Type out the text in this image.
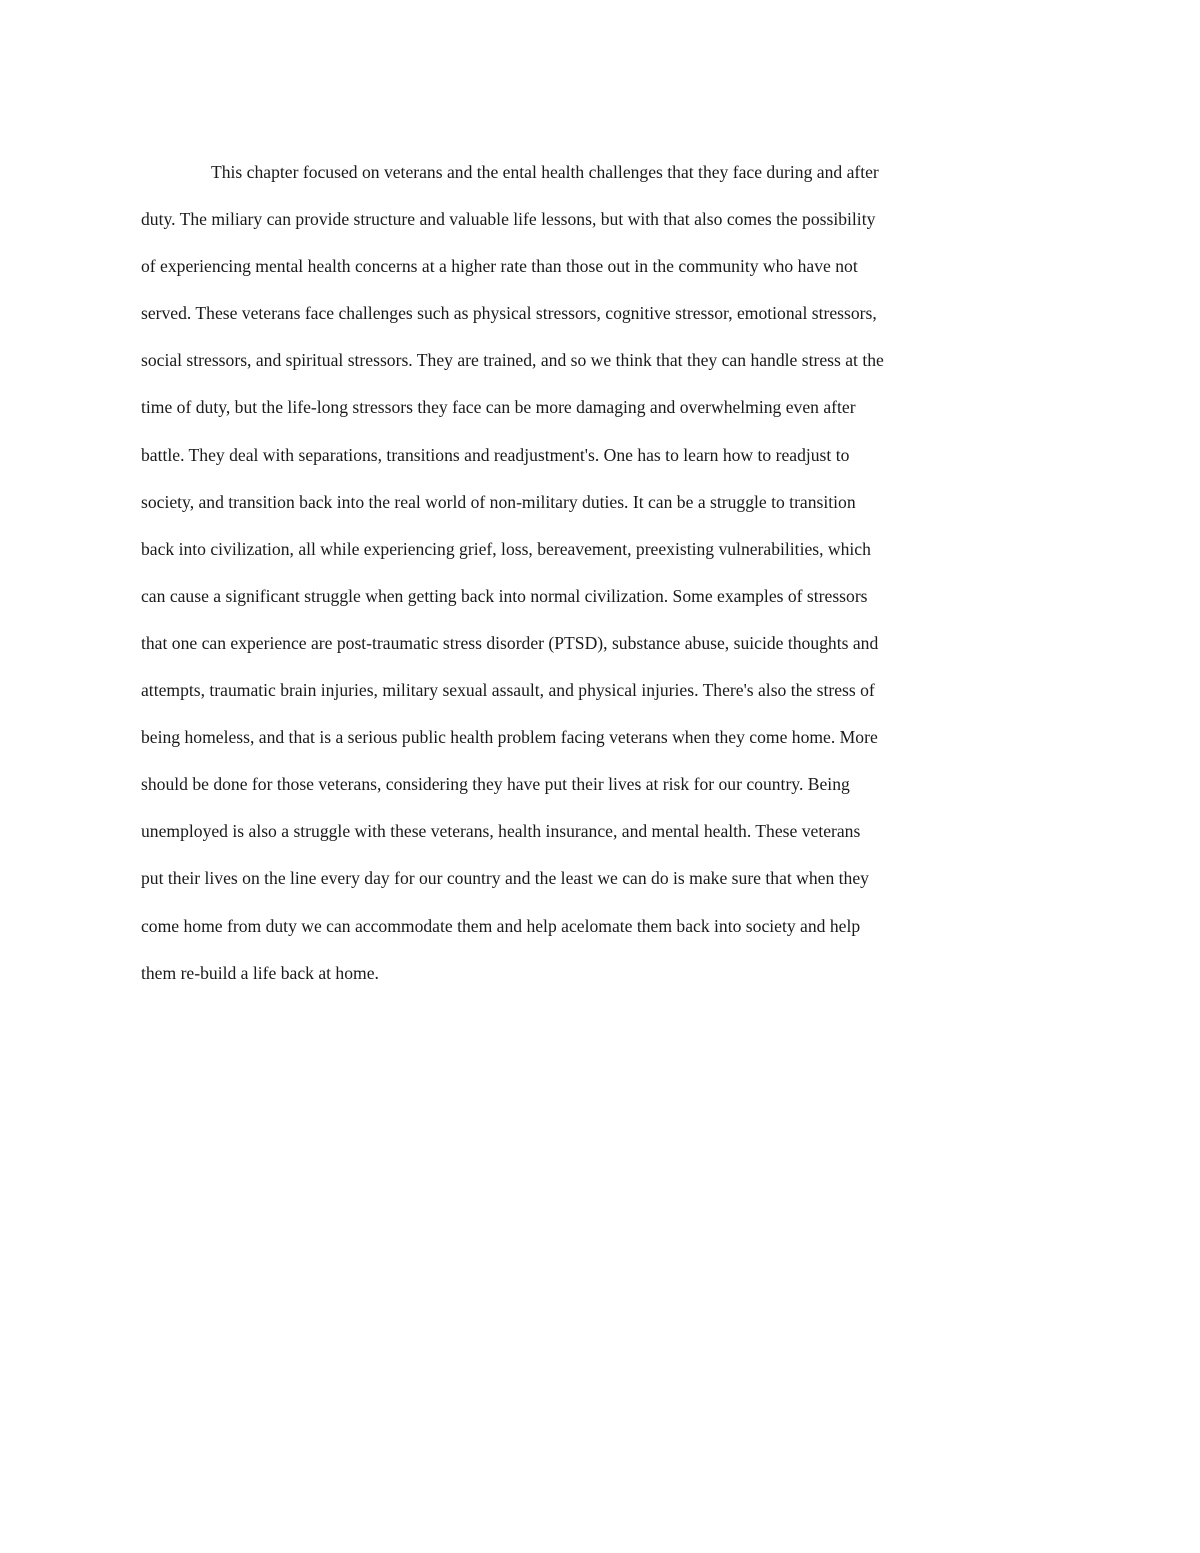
This chapter focused on veterans and the ental health challenges that they face during and after
duty. The miliary can provide structure and valuable life lessons, but with that also comes the possibility
of experiencing mental health concerns at a higher rate than those out in the community who have not
served. These veterans face challenges such as physical stressors, cognitive stressor, emotional stressors,
social stressors, and spiritual stressors. They are trained, and so we think that they can handle stress at the
time of duty, but the life-long stressors they face can be more damaging and overwhelming even after
battle. They deal with separations, transitions and readjustment's. One has to learn how to readjust to
society, and transition back into the real world of non-military duties. It can be a struggle to transition
back into civilization, all while experiencing grief, loss, bereavement, preexisting vulnerabilities, which
can cause a significant struggle when getting back into normal civilization. Some examples of stressors
that one can experience are post-traumatic stress disorder (PTSD), substance abuse, suicide thoughts and
attempts, traumatic brain injuries, military sexual assault, and physical injuries. There's also the stress of
being homeless, and that is a serious public health problem facing veterans when they come home. More
should be done for those veterans, considering they have put their lives at risk for our country. Being
unemployed is also a struggle with these veterans, health insurance, and mental health. These veterans
put their lives on the line every day for our country and the least we can do is make sure that when they
come home from duty we can accommodate them and help acelomate them back into society and help
them re-build a life back at home.
